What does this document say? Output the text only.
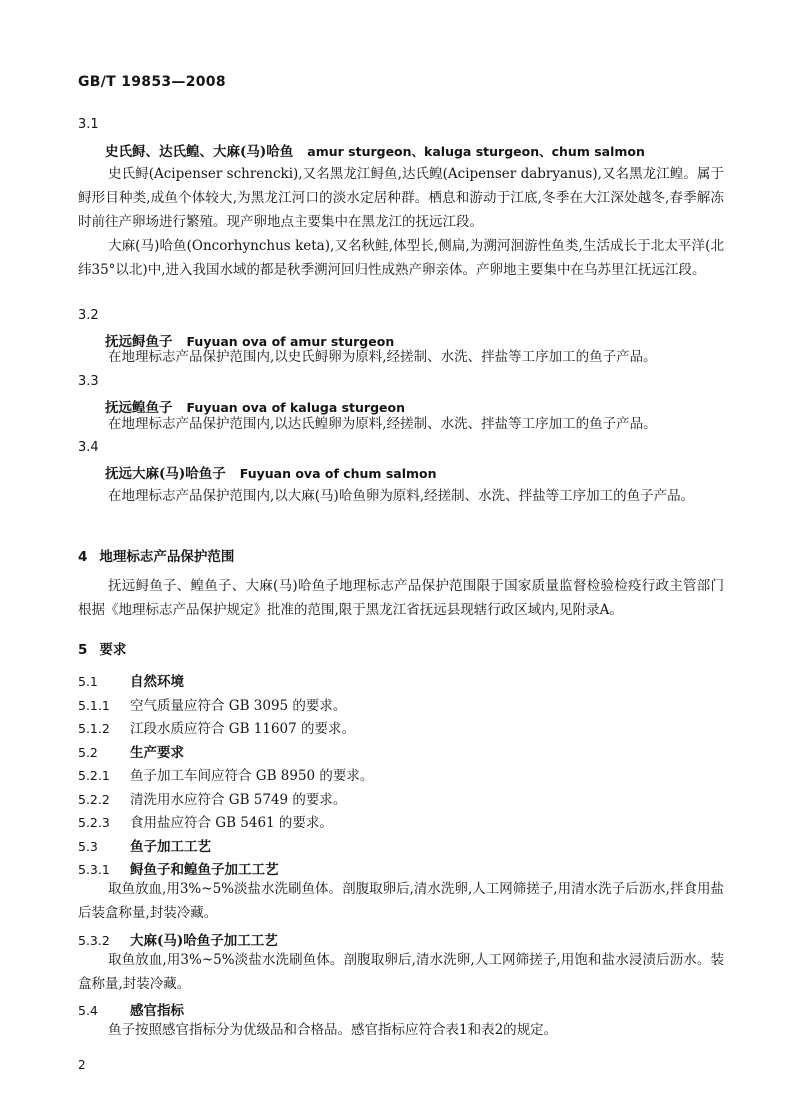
GB/T 19853—2008
3.1
史氏鲟、达氏鳇、大麻(马)哈鱼 amur sturgeon、kaluga sturgeon、chum salmon
史氏鲟(Acipenser schrencki),又名黑龙江鲟鱼,达氏鳇(Acipenser dabryanus),又名黑龙江鳇。属于鲟形目种类,成鱼个体较大,为黑龙江河口的淡水定居种群。栖息和游动于江底,冬季在大江深处越冬,春季解冻时前往产卵场进行繁殖。现产卵地点主要集中在黑龙江的抚远江段。
大麻(马)哈鱼(Oncorhynchus keta),又名秋鲑,体型长,侧扁,为溯河洄游性鱼类,生活成长于北太平洋(北纬35°以北)中,进入我国水域的都是秋季溯河回归性成熟产卵亲体。产卵地主要集中在乌苏里江抚远江段。
3.2
抚远鲟鱼子 Fuyuan ova of amur sturgeon
在地理标志产品保护范围内,以史氏鲟卵为原料,经搓制、水洗、拌盐等工序加工的鱼子产品。
3.3
抚远鳇鱼子 Fuyuan ova of kaluga sturgeon
在地理标志产品保护范围内,以达氏鳇卵为原料,经搓制、水洗、拌盐等工序加工的鱼子产品。
3.4
抚远大麻(马)哈鱼子 Fuyuan ova of chum salmon
在地理标志产品保护范围内,以大麻(马)哈鱼卵为原料,经搓制、水洗、拌盐等工序加工的鱼子产品。
4 地理标志产品保护范围
抚远鲟鱼子、鳇鱼子、大麻(马)哈鱼子地理标志产品保护范围限于国家质量监督检验检疫行政主管部门根据《地理标志产品保护规定》批准的范围,限于黑龙江省抚远县现辖行政区域内,见附录A。
5 要求
5.1 自然环境
5.1.1 空气质量应符合 GB 3095 的要求。
5.1.2 江段水质应符合 GB 11607 的要求。
5.2 生产要求
5.2.1 鱼子加工车间应符合 GB 8950 的要求。
5.2.2 清洗用水应符合 GB 5749 的要求。
5.2.3 食用盐应符合 GB 5461 的要求。
5.3 鱼子加工工艺
5.3.1 鲟鱼子和鳇鱼子加工工艺
取鱼放血,用3%~5%淡盐水洗刷鱼体。剖腹取卵后,清水洗卵,人工网筛搓子,用清水洗子后沥水,拌食用盐后装盒称量,封装冷藏。
5.3.2 大麻(马)哈鱼子加工工艺
取鱼放血,用3%~5%淡盐水洗刷鱼体。剖腹取卵后,清水洗卵,人工网筛搓子,用饱和盐水浸渍后沥水。装盒称量,封装冷藏。
5.4 感官指标
鱼子按照感官指标分为优级品和合格品。感官指标应符合表1和表2的规定。
2
